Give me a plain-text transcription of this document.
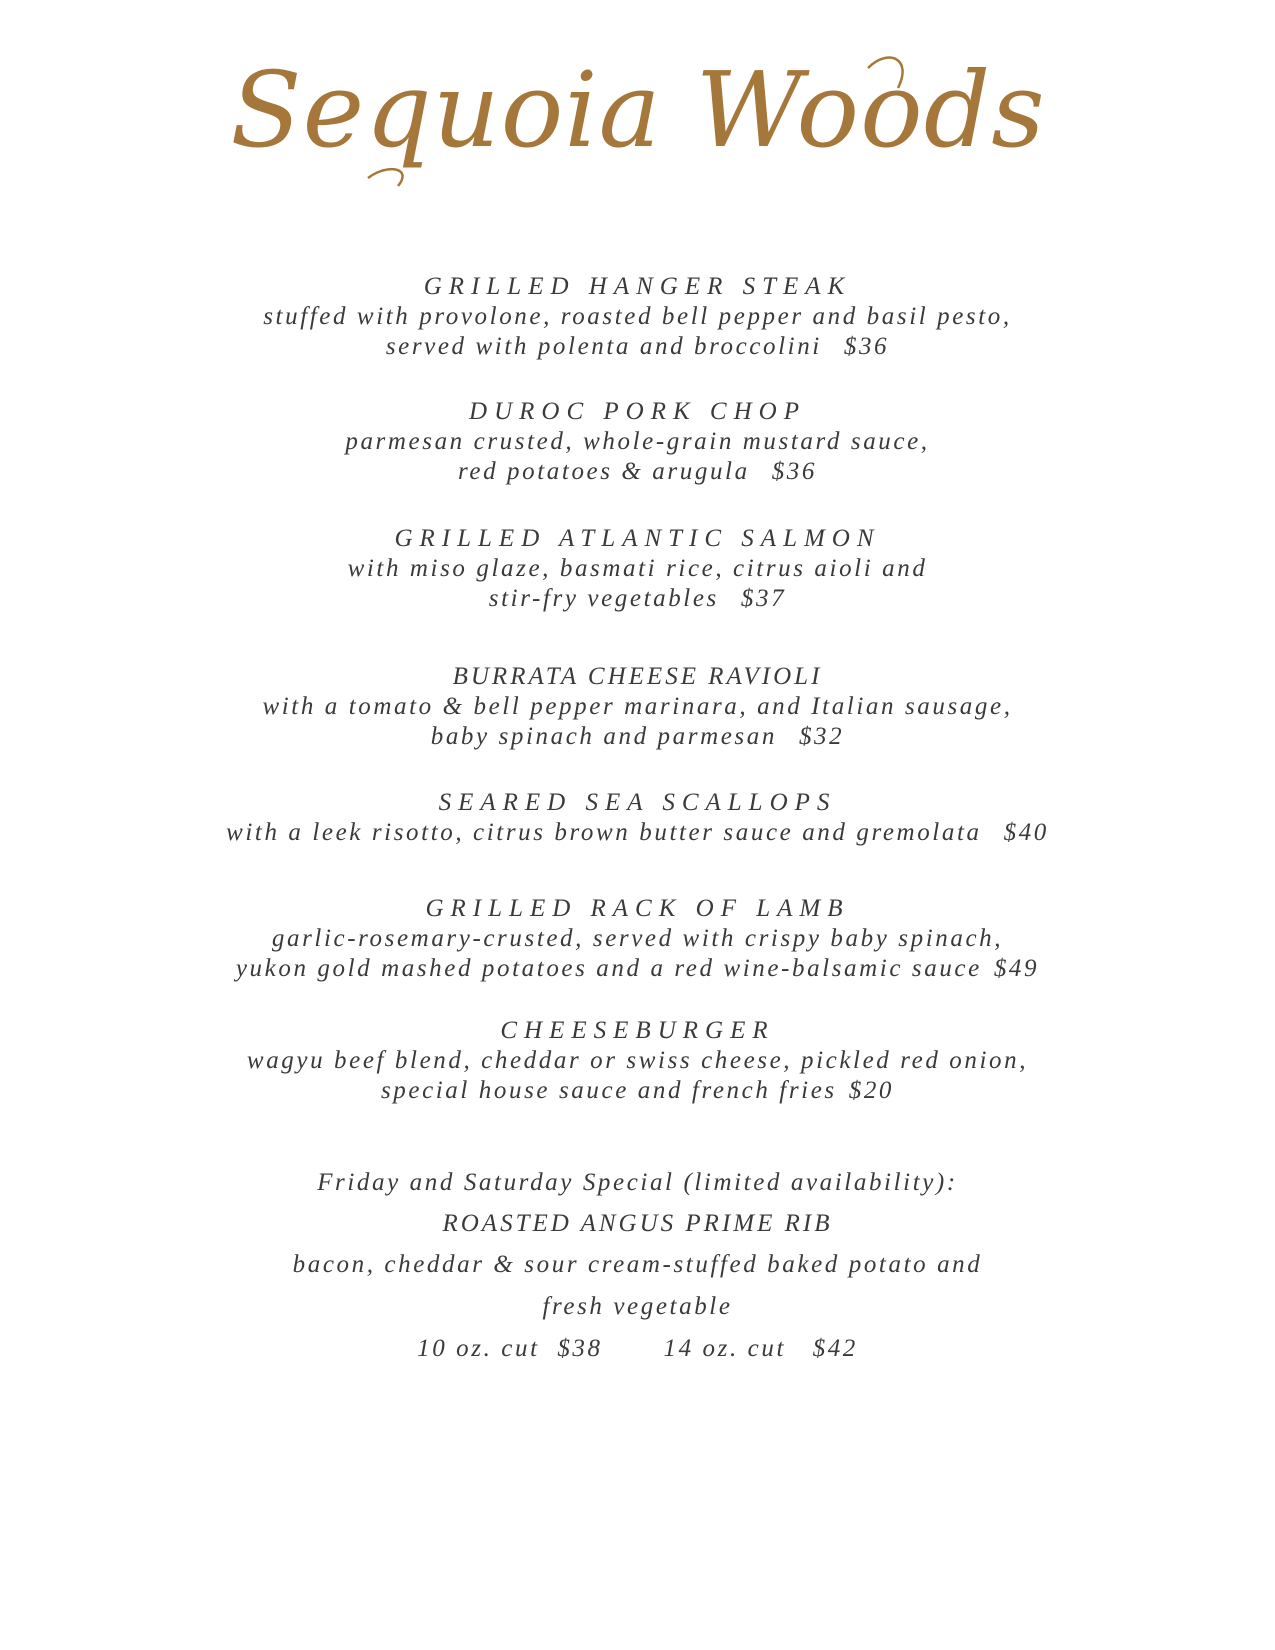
Sequoia Woods
GRILLED HANGER STEAK
stuffed with provolone, roasted bell pepper and basil pesto,
served with polenta and broccolini $36
DUROC PORK CHOP
parmesan crusted, whole-grain mustard sauce,
red potatoes & arugula $36
GRILLED ATLANTIC SALMON
with miso glaze, basmati rice, citrus aioli and
stir-fry vegetables $37
BURRATA CHEESE RAVIOLI
with a tomato & bell pepper marinara, and Italian sausage,
baby spinach and parmesan $32
SEARED SEA SCALLOPS
with a leek risotto, citrus brown butter sauce and gremolata $40
GRILLED RACK OF LAMB
garlic-rosemary-crusted, served with crispy baby spinach,
yukon gold mashed potatoes and a red wine-balsamic sauce $49
CHEESEBURGER
wagyu beef blend, cheddar or swiss cheese, pickled red onion,
special house sauce and french fries $20
Friday and Saturday Special (limited availability):
ROASTED ANGUS PRIME RIB
bacon, cheddar & sour cream-stuffed baked potato and
fresh vegetable
10 oz. cut $38 14 oz. cut $42
